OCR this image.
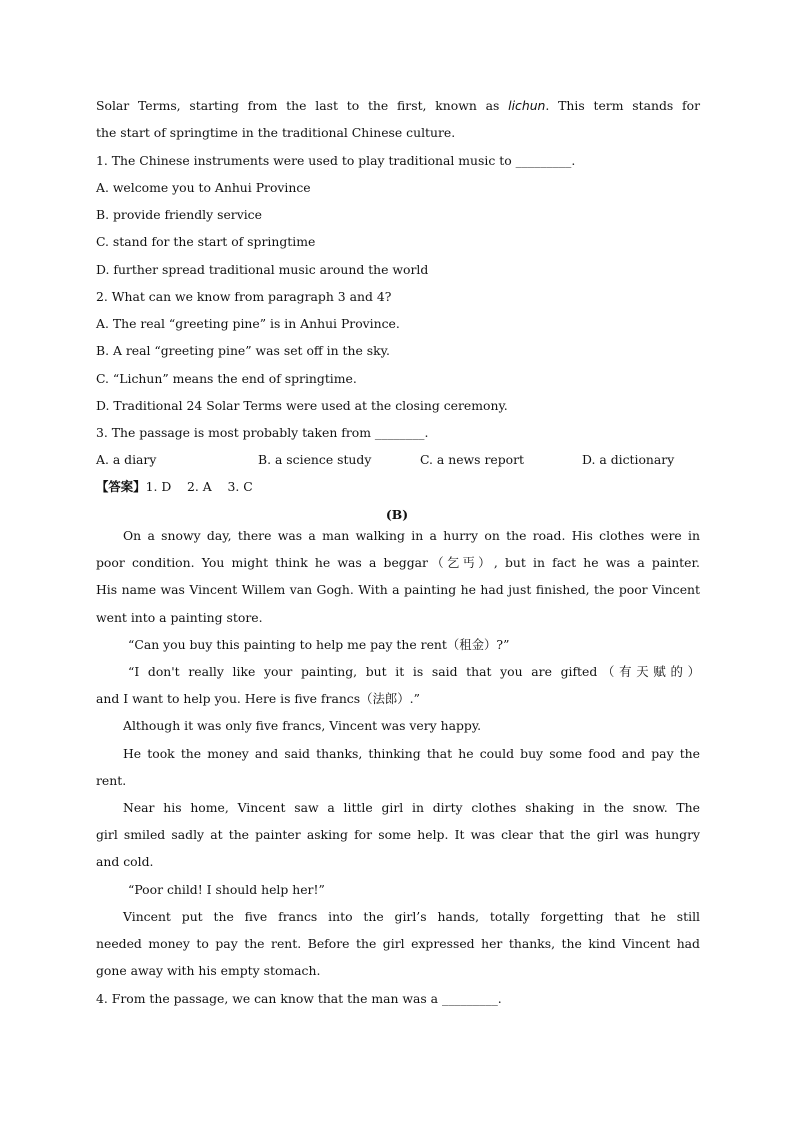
Solar Terms, starting from the last to the first, known as lichun. This term stands for
the start of springtime in the traditional Chinese culture.
1. The Chinese instruments were used to play traditional music to _________.
A. welcome you to Anhui Province
B. provide friendly service
C. stand for the start of springtime
D. further spread traditional music around the world
2. What can we know from paragraph 3 and 4?
A. The real “greeting pine” is in Anhui Province.
B. A real “greeting pine” was set off in the sky.
C. “Lichun” means the end of springtime.
D. Traditional 24 Solar Terms were used at the closing ceremony.
3. The passage is most probably taken from ________.
A. a diary	B. a science study	C. a news report	D. a dictionary
【答案】1. D    2. A    3. C
(B)
On a snowy day, there was a man walking in a hurry on the road. His clothes were in
poor condition. You might think he was a beggar（乞丐）, but in fact he was a painter.
His name was Vincent Willem van Gogh. With a painting he had just finished, the poor Vincent
went into a painting store.
“Can you buy this painting to help me pay the rent（租金）?”
“I don't really like your painting, but it is said that you are gifted（有天赋的）
and I want to help you. Here is five francs（法郎）.”
Although it was only five francs, Vincent was very happy.
He took the money and said thanks, thinking that he could buy some food and pay the
rent.
Near his home, Vincent saw a little girl in dirty clothes shaking in the snow. The
girl smiled sadly at the painter asking for some help. It was clear that the girl was hungry
and cold.
“Poor child! I should help her!”
Vincent put the five francs into the girl’s hands, totally forgetting that he still
needed money to pay the rent. Before the girl expressed her thanks, the kind Vincent had
gone away with his empty stomach.
4. From the passage, we can know that the man was a _________.
